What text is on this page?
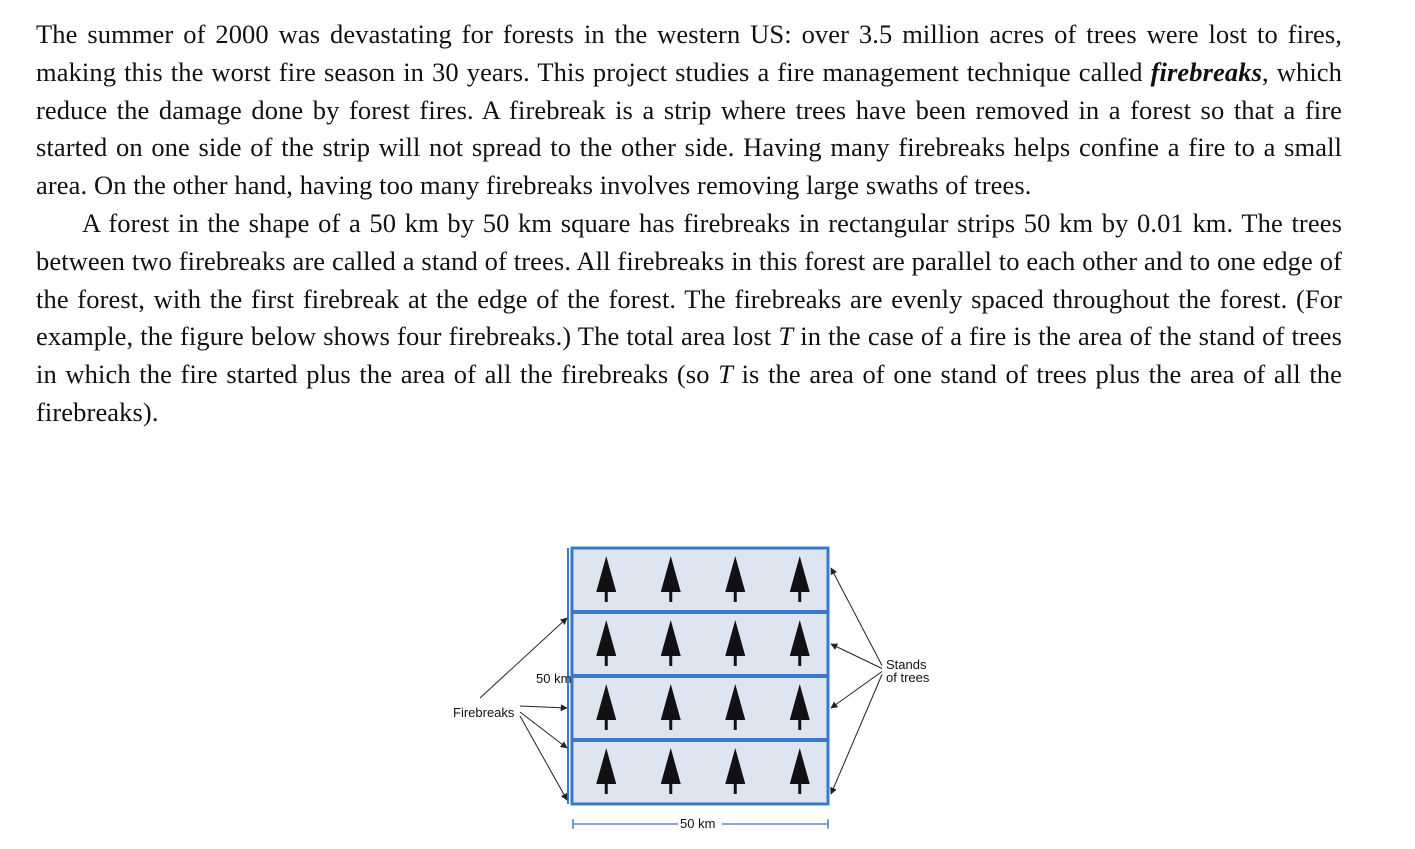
The summer of 2000 was devastating for forests in the western US: over 3.5 million acres of trees were lost to fires, making this the worst fire season in 30 years. This project studies a fire management technique called firebreaks, which reduce the damage done by forest fires. A firebreak is a strip where trees have been removed in a forest so that a fire started on one side of the strip will not spread to the other side. Having many firebreaks helps confine a fire to a small area. On the other hand, having too many firebreaks involves removing large swaths of trees.

A forest in the shape of a 50 km by 50 km square has firebreaks in rectangular strips 50 km by 0.01 km. The trees between two firebreaks are called a stand of trees. All firebreaks in this forest are parallel to each other and to one edge of the forest, with the first firebreak at the edge of the forest. The firebreaks are evenly spaced throughout the forest. (For example, the figure below shows four firebreaks.) The total area lost T in the case of a fire is the area of the stand of trees in which the fire started plus the area of all the firebreaks (so T is the area of one stand of trees plus the area of all the firebreaks).

Firebreaks
50 km
Stands
of trees
50 km
